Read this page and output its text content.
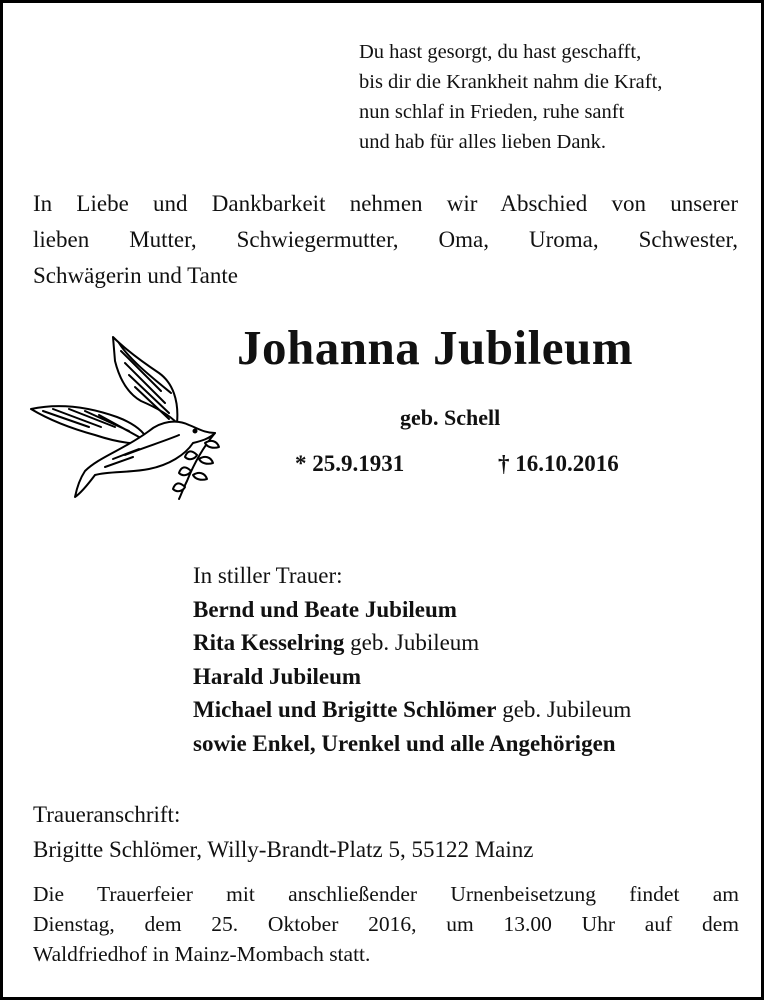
Du hast gesorgt, du hast geschafft,
bis dir die Krankheit nahm die Kraft,
nun schlaf in Frieden, ruhe sanft
und hab für alles lieben Dank.
In Liebe und Dankbarkeit nehmen wir Abschied von unserer
lieben Mutter, Schwiegermutter, Oma, Uroma, Schwester,
Schwägerin und Tante
Johanna Jubileum
geb. Schell
* 25.9.1931	† 16.10.2016
In stiller Trauer:
Bernd und Beate Jubileum
Rita Kesselring geb. Jubileum
Harald Jubileum
Michael und Brigitte Schlömer geb. Jubileum
sowie Enkel, Urenkel und alle Angehörigen
Traueranschrift:
Brigitte Schlömer, Willy-Brandt-Platz 5, 55122 Mainz
Die Trauerfeier mit anschließender Urnenbeisetzung findet am
Dienstag, dem 25. Oktober 2016, um 13.00 Uhr auf dem
Waldfriedhof in Mainz-Mombach statt.
